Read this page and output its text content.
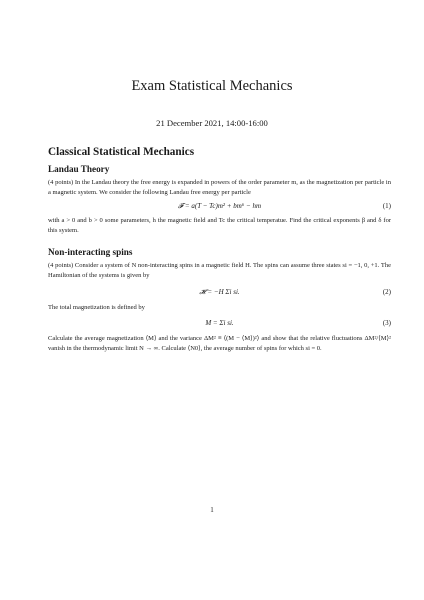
Exam Statistical Mechanics
21 December 2021, 14:00-16:00
Classical Statistical Mechanics
Landau Theory

(4 points) In the Landau theory the free energy is expanded in powers of the order parameter m, as the magnetization per particle in a magnetic system. We consider the following Landau free energy per particle

𝓕 = a(T − Tc)m² + bm⁶ − hm	(1)

with a > 0 and b > 0 some parameters, h the magnetic field and Tc the critical temperatue. Find the critical exponents β and δ for this system.

Non-interacting spins

(4 points) Consider a system of N non-interacting spins in a magnetic field H. The spins can assume three states si = −1, 0, +1. The Hamiltonian of the systems is given by

𝓗 = −H Σi si.	(2)

The total magnetization is defined by

M = Σi si.	(3)

Calculate the average magnetization ⟨M⟩ and the variance ΔM² ≡ ⟨(M − ⟨M⟩)²⟩ and show that the relative fluctuations ΔM²/⟨M⟩² vanish in the thermodynamic limit N → ∞. Calculate ⟨N0⟩, the average number of spins for which si = 0.

1
